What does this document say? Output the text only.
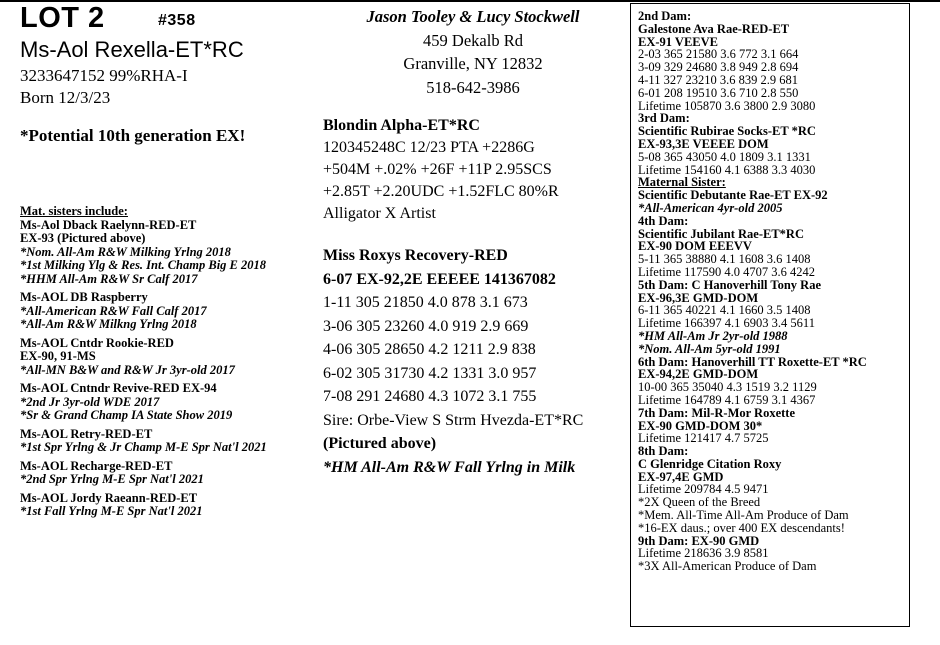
LOT 2	#358
Ms-Aol Rexella-ET*RC
3233647152 99%RHA-I
Born 12/3/23
*Potential 10th generation EX!
Mat. sisters include:
Ms-Aol Dback Raelynn-RED-ET
EX-93 (Pictured above)
*Nom. All-Am R&W Milking Yrlng 2018
*1st Milking Ylg & Res. Int. Champ Big E 2018
*HHM All-Am R&W Sr Calf 2017
Ms-AOL DB Raspberry
*All-American R&W Fall Calf 2017
*All-Am R&W Milkng Yrlng 2018
Ms-AOL Cntdr Rookie-RED
EX-90, 91-MS
*All-MN B&W and R&W Jr 3yr-old 2017
Ms-AOL Cntndr Revive-RED EX-94
*2nd Jr 3yr-old WDE 2017
*Sr & Grand Champ IA State Show 2019
Ms-AOL Retry-RED-ET
*1st Spr Yrlng & Jr Champ M-E Spr Nat'l 2021
Ms-AOL Recharge-RED-ET
*2nd Spr Yrlng M-E Spr Nat'l 2021
Ms-AOL Jordy Raeann-RED-ET
*1st Fall Yrlng M-E Spr Nat'l 2021
Jason Tooley & Lucy Stockwell
459 Dekalb Rd
Granville, NY 12832
518-642-3986
Blondin Alpha-ET*RC
120345248C 12/23 PTA +2286G
+504M +.02% +26F +11P 2.95SCS
+2.85T +2.20UDC +1.52FLC 80%R
Alligator X Artist
Miss Roxys Recovery-RED
6-07 EX-92,2E EEEEE 141367082
1-11 305 21850 4.0 878 3.1 673
3-06 305 23260 4.0 919 2.9 669
4-06 305 28650 4.2 1211 2.9 838
6-02 305 31730 4.2 1331 3.0 957
7-08 291 24680 4.3 1072 3.1 755
Sire: Orbe-View S Strm Hvezda-ET*RC
(Pictured above)
*HM All-Am R&W Fall Yrlng in Milk
2nd Dam:
Galestone Ava Rae-RED-ET
EX-91 VEEVE
2-03 365 21580 3.6 772 3.1 664
3-09 329 24680 3.8 949 2.8 694
4-11 327 23210 3.6 839 2.9 681
6-01 208 19510 3.6 710 2.8 550
Lifetime 105870 3.6 3800 2.9 3080
3rd Dam:
Scientific Rubirae Socks-ET *RC
EX-93,3E VEEEE DOM
5-08 365 43050 4.0 1809 3.1 1331
Lifetime 154160 4.1 6388 3.3 4030
Maternal Sister:
Scientific Debutante Rae-ET EX-92
*All-American 4yr-old 2005
4th Dam:
Scientific Jubilant Rae-ET*RC
EX-90 DOM EEEVV
5-11 365 38880 4.1 1608 3.6 1408
Lifetime 117590 4.0 4707 3.6 4242
5th Dam: C Hanoverhill Tony Rae
EX-96,3E GMD-DOM
6-11 365 40221 4.1 1660 3.5 1408
Lifetime 166397 4.1 6903 3.4 5611
*HM All-Am Jr 2yr-old 1988
*Nom. All-Am 5yr-old 1991
6th Dam: Hanoverhill TT Roxette-ET *RC
EX-94,2E GMD-DOM
10-00 365 35040 4.3 1519 3.2 1129
Lifetime 164789 4.1 6759 3.1 4367
7th Dam: Mil-R-Mor Roxette
EX-90 GMD-DOM 30*
Lifetime 121417 4.7 5725
8th Dam:
C Glenridge Citation Roxy
EX-97,4E GMD
Lifetime 209784 4.5 9471
*2X Queen of the Breed
*Mem. All-Time All-Am Produce of Dam
*16-EX daus.; over 400 EX descendants!
9th Dam: EX-90 GMD
Lifetime 218636 3.9 8581
*3X All-American Produce of Dam
